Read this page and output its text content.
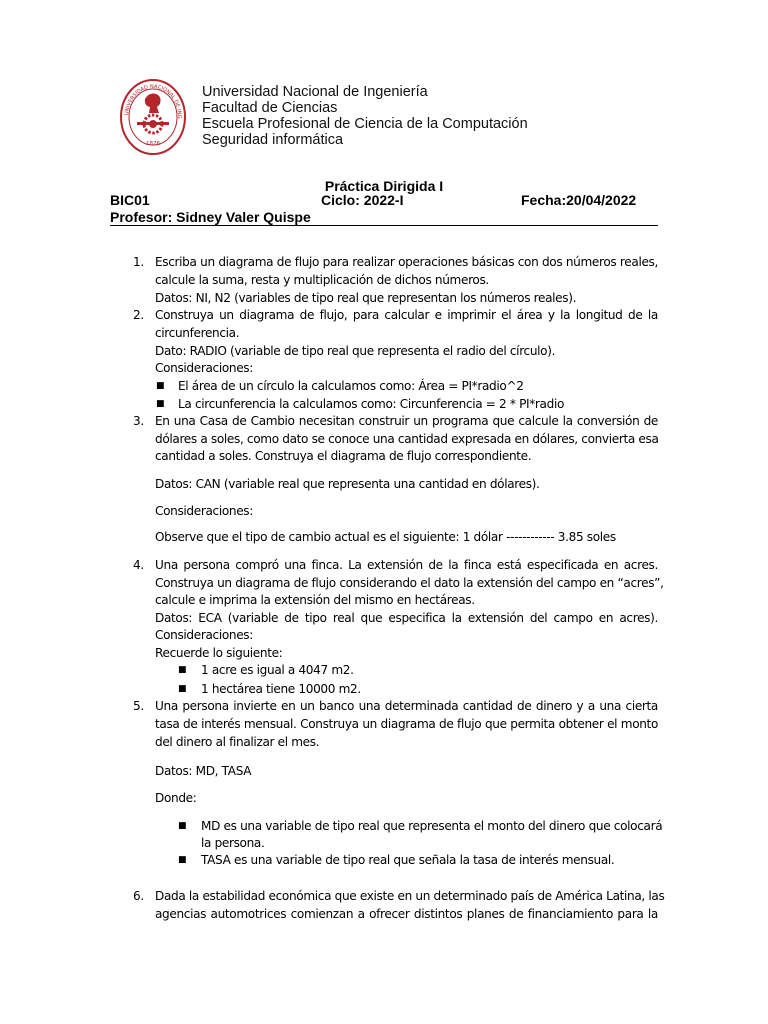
UNIVERSIDAD NACIONAL DE ING
1876
Universidad Nacional de Ingeniería
Facultad de Ciencias
Escuela Profesional de Ciencia de la Computación
Seguridad informática
Práctica Dirigida I
BIC01	Ciclo: 2022-I	Fecha:20/04/2022
Profesor: Sidney Valer Quispe
1. Escriba un diagrama de flujo para realizar operaciones básicas con dos números reales,
calcule la suma, resta y multiplicación de dichos números.
Datos: NI, N2 (variables de tipo real que representan los números reales).
2. Construya un diagrama de flujo, para calcular e imprimir el área y la longitud de la
circunferencia.
Dato: RADIO (variable de tipo real que representa el radio del círculo).
Consideraciones:
■ El área de un círculo la calculamos como: Área = PI*radio^2
■ La circunferencia la calculamos como: Circunferencia = 2 * PI*radio
3. En una Casa de Cambio necesitan construir un programa que calcule la conversión de
dólares a soles, como dato se conoce una cantidad expresada en dólares, convierta esa
cantidad a soles. Construya el diagrama de flujo correspondiente.
Datos: CAN (variable real que representa una cantidad en dólares).
Consideraciones:
Observe que el tipo de cambio actual es el siguiente: 1 dólar ------------ 3.85 soles
4. Una persona compró una finca. La extensión de la finca está especificada en acres.
Construya un diagrama de flujo considerando el dato la extensión del campo en “acres”,
calcule e imprima la extensión del mismo en hectáreas.
Datos: ECA (variable de tipo real que especifica la extensión del campo en acres).
Consideraciones:
Recuerde lo siguiente:
■ 1 acre es igual a 4047 m2.
■ 1 hectárea tiene 10000 m2.
5. Una persona invierte en un banco una determinada cantidad de dinero y a una cierta
tasa de interés mensual. Construya un diagrama de flujo que permita obtener el monto
del dinero al finalizar el mes.
Datos: MD, TASA
Donde:
■ MD es una variable de tipo real que representa el monto del dinero que colocará
la persona.
■ TASA es una variable de tipo real que señala la tasa de interés mensual.
6. Dada la estabilidad económica que existe en un determinado país de América Latina, las
agencias automotrices comienzan a ofrecer distintos planes de financiamiento para la
